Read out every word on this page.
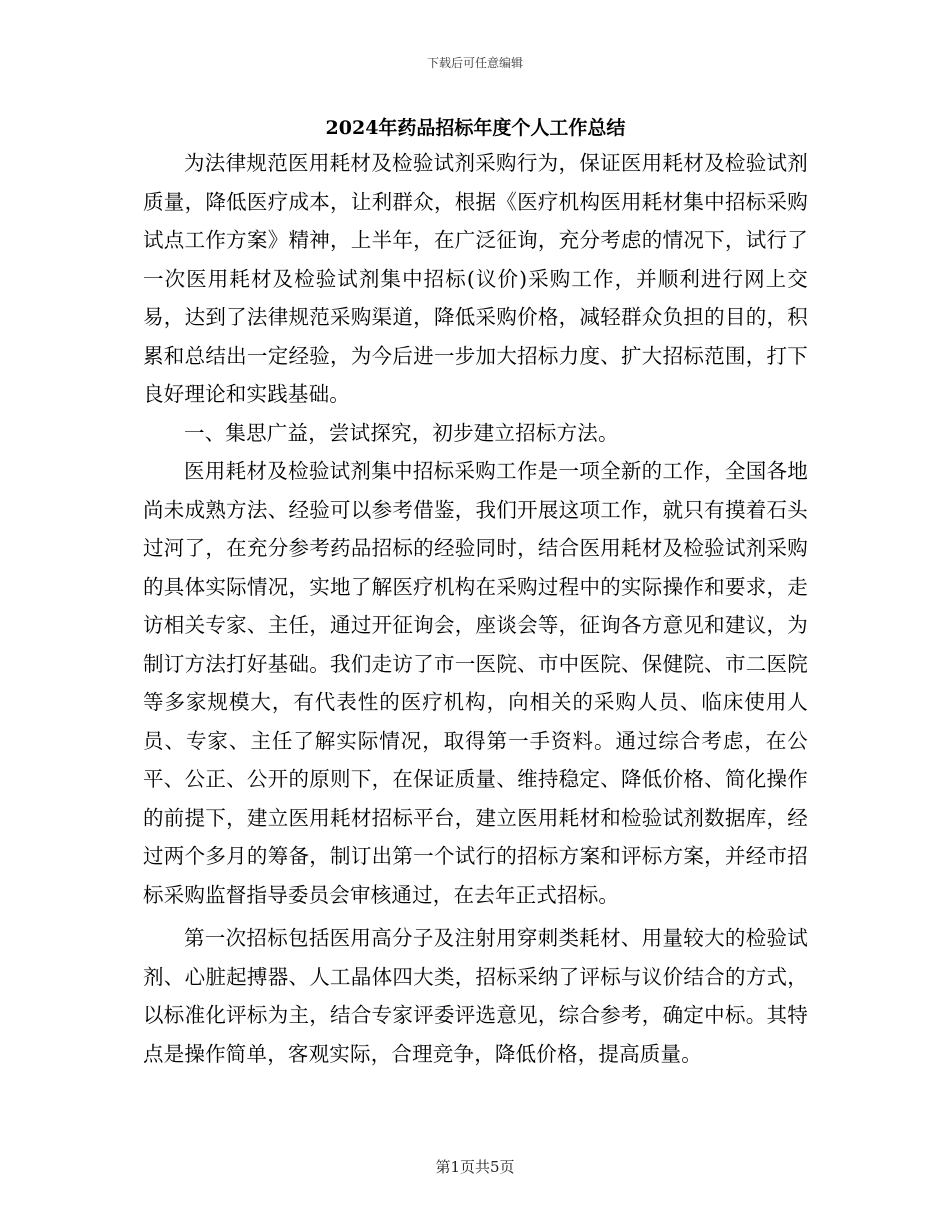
下载后可任意编辑
2024年药品招标年度个人工作总结

为法律规范医用耗材及检验试剂采购行为，保证医用耗材及检验试剂质量，降低医疗成本，让利群众，根据《医疗机构医用耗材集中招标采购试点工作方案》精神，上半年，在广泛征询，充分考虑的情况下，试行了一次医用耗材及检验试剂集中招标(议价)采购工作，并顺利进行网上交易，达到了法律规范采购渠道，降低采购价格，减轻群众负担的目的，积累和总结出一定经验，为今后进一步加大招标力度、扩大招标范围，打下良好理论和实践基础。

一、集思广益，尝试探究，初步建立招标方法。

医用耗材及检验试剂集中招标采购工作是一项全新的工作，全国各地尚未成熟方法、经验可以参考借鉴，我们开展这项工作，就只有摸着石头过河了，在充分参考药品招标的经验同时，结合医用耗材及检验试剂采购的具体实际情况，实地了解医疗机构在采购过程中的实际操作和要求，走访相关专家、主任，通过开征询会，座谈会等，征询各方意见和建议，为制订方法打好基础。我们走访了市一医院、市中医院、保健院、市二医院等多家规模大，有代表性的医疗机构，向相关的采购人员、临床使用人员、专家、主任了解实际情况，取得第一手资料。通过综合考虑，在公平、公正、公开的原则下，在保证质量、维持稳定、降低价格、简化操作的前提下，建立医用耗材招标平台，建立医用耗材和检验试剂数据库，经过两个多月的筹备，制订出第一个试行的招标方案和评标方案，并经市招标采购监督指导委员会审核通过，在去年正式招标。

第一次招标包括医用高分子及注射用穿刺类耗材、用量较大的检验试剂、心脏起搏器、人工晶体四大类，招标采纳了评标与议价结合的方式，以标准化评标为主，结合专家评委评选意见，综合参考，确定中标。其特点是操作简单，客观实际，合理竞争，降低价格，提高质量。

第1页共5页
